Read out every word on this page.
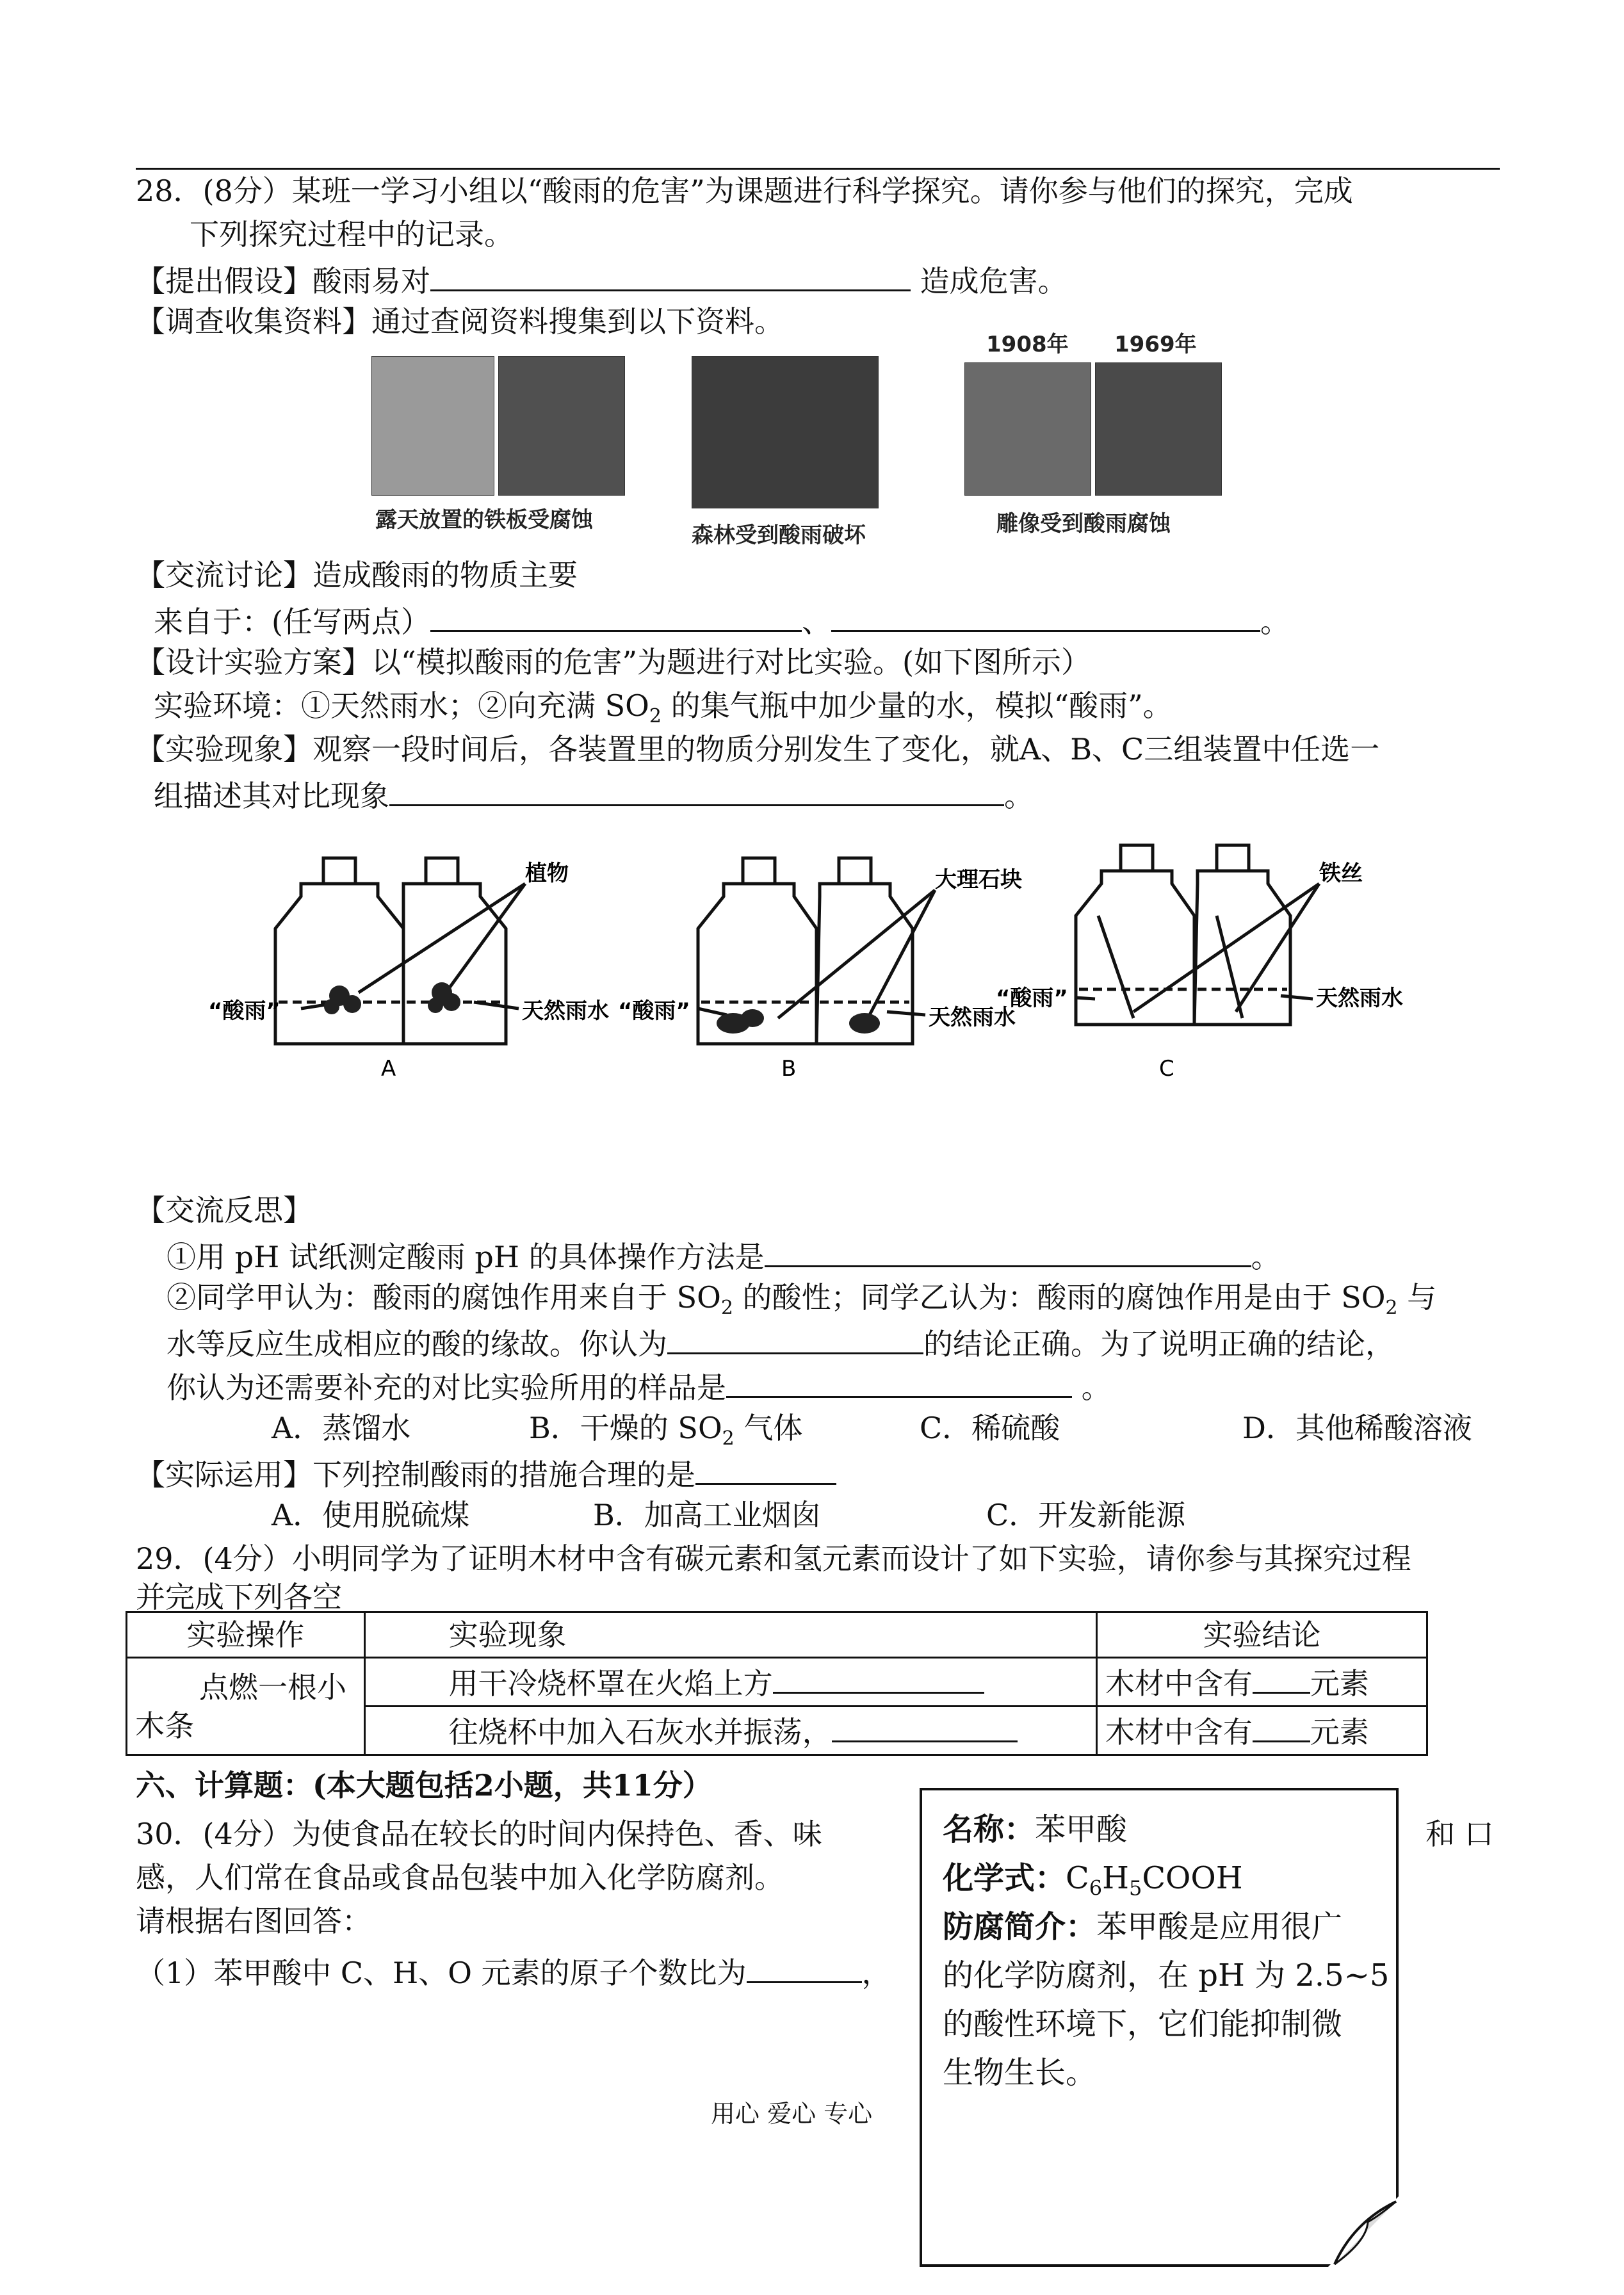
28．(8分）某班一学习小组以“酸雨的危害”为课题进行科学探究。请你参与他们的探究，完成
下列探究过程中的记录。
【提出假设】酸雨易对	造成危害。
【调查收集资料】通过查阅资料搜集到以下资料。
露天放置的铁板受腐蚀
森林受到酸雨破坏
1908年 1969年
雕像受到酸雨腐蚀
【交流讨论】造成酸雨的物质主要
来自于：(任写两点）	、	。
【设计实验方案】以“模拟酸雨的危害”为题进行对比实验。(如下图所示）
实验环境：①天然雨水；②向充满 $SO_2$ 的集气瓶中加少量的水，模拟“酸雨”。
【实验现象】观察一段时间后，各装置里的物质分别发生了变化，就A、B、C三组装置中任选一
组描述其对比现象	。
植物
“酸雨”	天然雨水 “酸雨”
大理石块
天然雨水
“酸雨”
铁丝
天然雨水
A	B	C
【交流反思】
①用 pH 试纸测定酸雨 pH 的具体操作方法是	。
②同学甲认为：酸雨的腐蚀作用来自于 $SO_2$ 的酸性；同学乙认为：酸雨的腐蚀作用是由于 $SO_2$ 与
水等反应生成相应的酸的缘故。你认为	的结论正确。为了说明正确的结论，
你认为还需要补充的对比实验所用的样品是	。
A．蒸馏水	B．干燥的 $SO_2$ 气体	C．稀硫酸	D．其他稀酸溶液
【实际运用】下列控制酸雨的措施合理的是
A．使用脱硫煤	B．加高工业烟囱	C．开发新能源
29．(4分）小明同学为了证明木材中含有碳元素和氢元素而设计了如下实验，请你参与其探究过程
并完成下列各空
实验操作	实验现象	实验结论

点燃一根小
木条	用干冷烧杯罩在火焰上方	木材中含有 元素
	往烧杯中加入石灰水并振荡，	木材中含有 元素
六、计算题：(本大题包括2小题，共11分）
30．(4分）为使食品在较长的时间内保持色、香、味	和 口
感，人们常在食品或食品包装中加入化学防腐剂。
请根据右图回答：
（1）苯甲酸中 C、H、O 元素的原子个数比为	，
用心 爱心 专心
名称：苯甲酸
化学式：$C_6H_5COOH$
防腐简介：苯甲酸是应用很广
的化学防腐剂，在 pH 为 2.5~5
的酸性环境下，它们能抑制微
生物生长。
